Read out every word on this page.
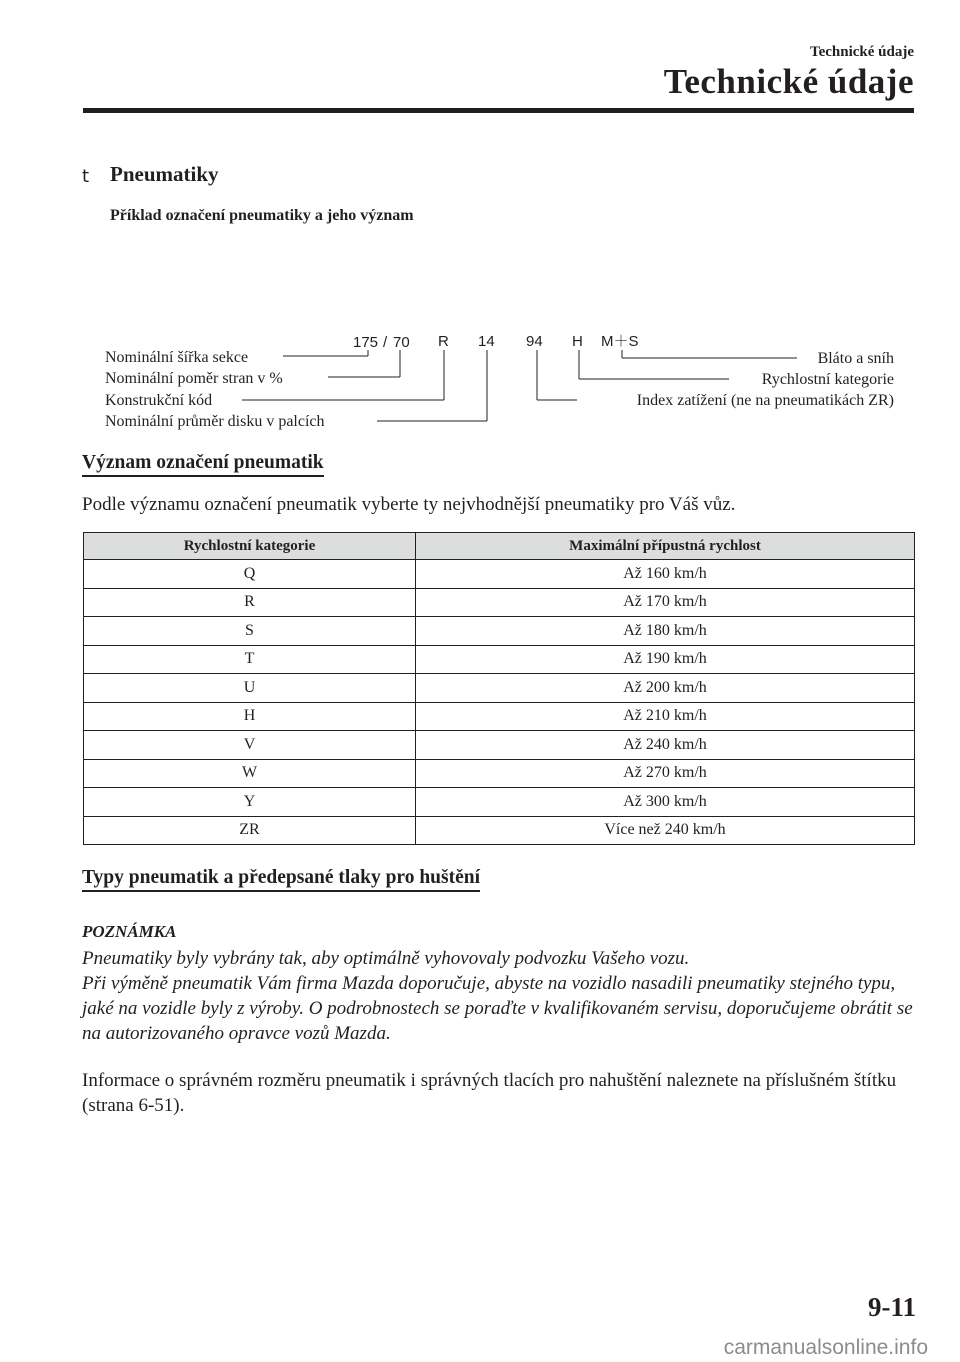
Technické údaje
Technické údaje
t Pneumatiky
Příklad označení pneumatiky a jeho význam
175 / 70 R 14 94 H M＋S
Nominální šířka sekce
Nominální poměr stran v %
Konstrukční kód
Nominální průměr disku v palcích
Bláto a sníh
Rychlostní kategorie
Index zatížení (ne na pneumatikách ZR)
Význam označení pneumatik
Podle významu označení pneumatik vyberte ty nejvhodnější pneumatiky pro Váš vůz.
Rychlostní kategorie	Maximální přípustná rychlost
Q	Až 160 km/h
R	Až 170 km/h
S	Až 180 km/h
T	Až 190 km/h
U	Až 200 km/h
H	Až 210 km/h
V	Až 240 km/h
W	Až 270 km/h
Y	Až 300 km/h
ZR	Více než 240 km/h
Typy pneumatik a předepsané tlaky pro huštění
POZNÁMKA

Pneumatiky byly vybrány tak, aby optimálně vyhovovaly podvozku Vašeho vozu.

Při výměně pneumatik Vám firma Mazda doporučuje, abyste na vozidlo nasadili pneumatiky stejného typu, jaké na vozidle byly z výroby. O podrobnostech se poraďte v kvalifikovaném servisu, doporučujeme obrátit se na autorizovaného opravce vozů Mazda.

Informace o správném rozměru pneumatik i správných tlacích pro nahuštění naleznete na příslušném štítku (strana 6-51).
9-11
carmanualsonline.info
